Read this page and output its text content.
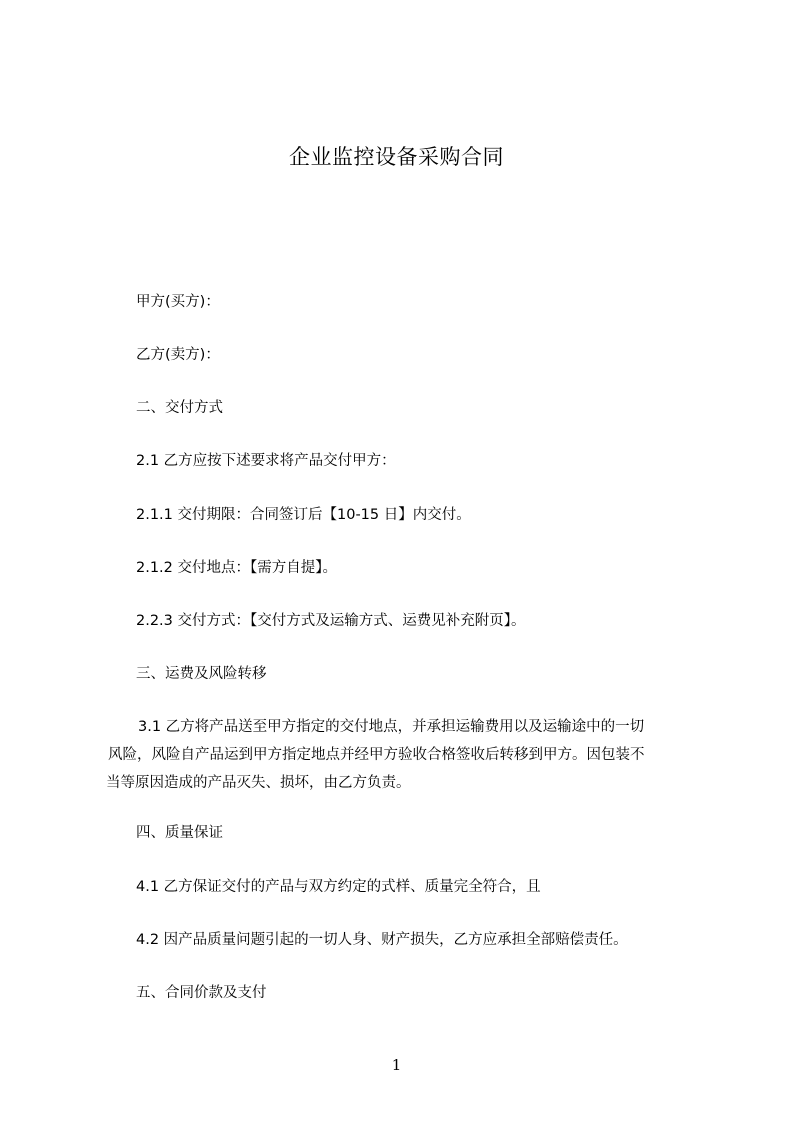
企业监控设备采购合同

甲方(买方)：

乙方(卖方)：

二、交付方式

2.1 乙方应按下述要求将产品交付甲方：

2.1.1 交付期限：合同签订后【10-15 日】内交付。

2.1.2 交付地点：【需方自提】。

2.2.3 交付方式：【交付方式及运输方式、运费见补充附页】。

三、运费及风险转移

3.1 乙方将产品送至甲方指定的交付地点，并承担运输费用以及运输途中的一切
风险，风险自产品运到甲方指定地点并经甲方验收合格签收后转移到甲方。因包装不
当等原因造成的产品灭失、损坏，由乙方负责。

四、质量保证

4.1 乙方保证交付的产品与双方约定的式样、质量完全符合，且

4.2 因产品质量问题引起的一切人身、财产损失，乙方应承担全部赔偿责任。

五、合同价款及支付

1
